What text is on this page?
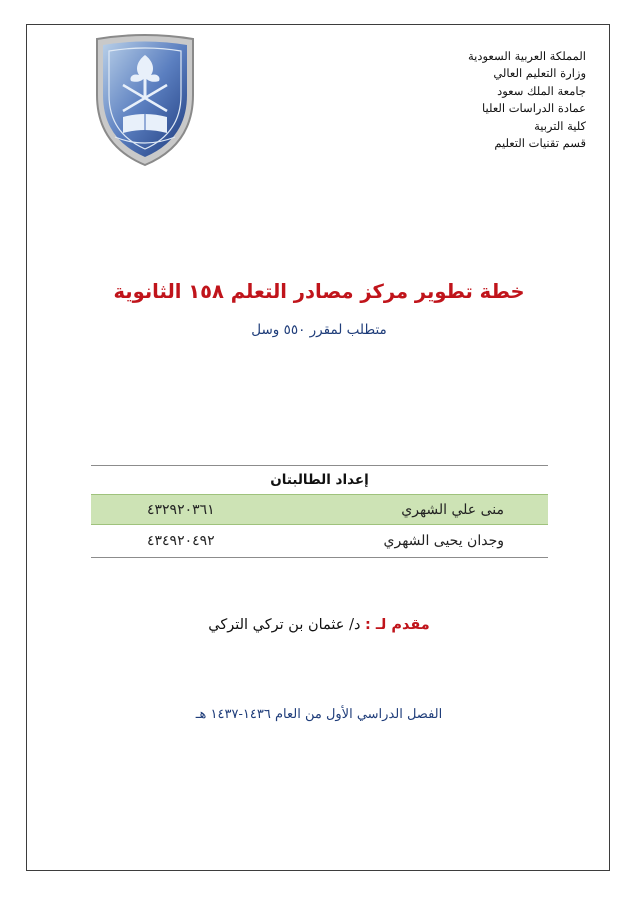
المملكة العربية السعودية
وزارة التعليم العالي
جامعة الملك سعود
عمادة الدراسات العليا
كلية التربية
قسم تقنيات التعليم
خطة تطوير مركز مصادر التعلم ١٥٨ الثانوية
متطلب لمقرر ٥٥٠ وسل
إعداد الطالبتان	
منى علي الشهري	٤٣٢٩٢٠٣٦١
وجدان يحيى الشهري	٤٣٤٩٢٠٤٩٢
مقدم لـ : د/ عثمان بن تركي التركي
الفصل الدراسي الأول من العام ١٤٣٦-١٤٣٧ هـ
